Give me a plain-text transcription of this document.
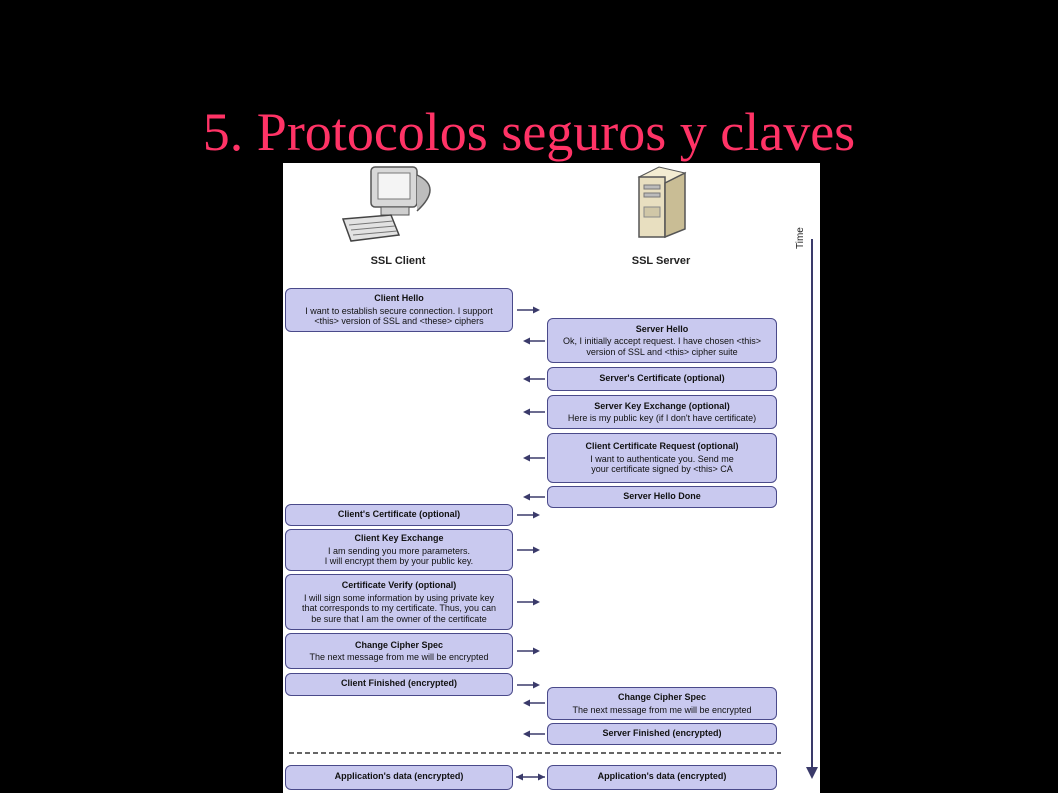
5. Protocolos seguros y claves
SSL Client	SSL Server
Time
Client Hello
I want to establish secure connection. I support
<this> version of SSL and <these> ciphers
Server Hello
Ok, I initially accept request. I have chosen <this>
version of SSL and <this> cipher suite
Server's Certificate (optional)
Server Key Exchange (optional)
Here is my public key (if I don't have certificate)
Client Certificate Request (optional)
I want to authenticate you. Send me
your certificate signed by <this> CA
Server Hello Done
Client's Certificate (optional)
Client Key Exchange
I am sending you more parameters.
I will encrypt them by your public key.
Certificate Verify (optional)
I will sign some information by using private key
that corresponds to my certificate. Thus, you can
be sure that I am the owner of the certificate
Change Cipher Spec
The next message from me will be encrypted
Client Finished (encrypted)
Change Cipher Spec
The next message from me will be encrypted
Server Finished (encrypted)
Application's data (encrypted)	Application's data (encrypted)
